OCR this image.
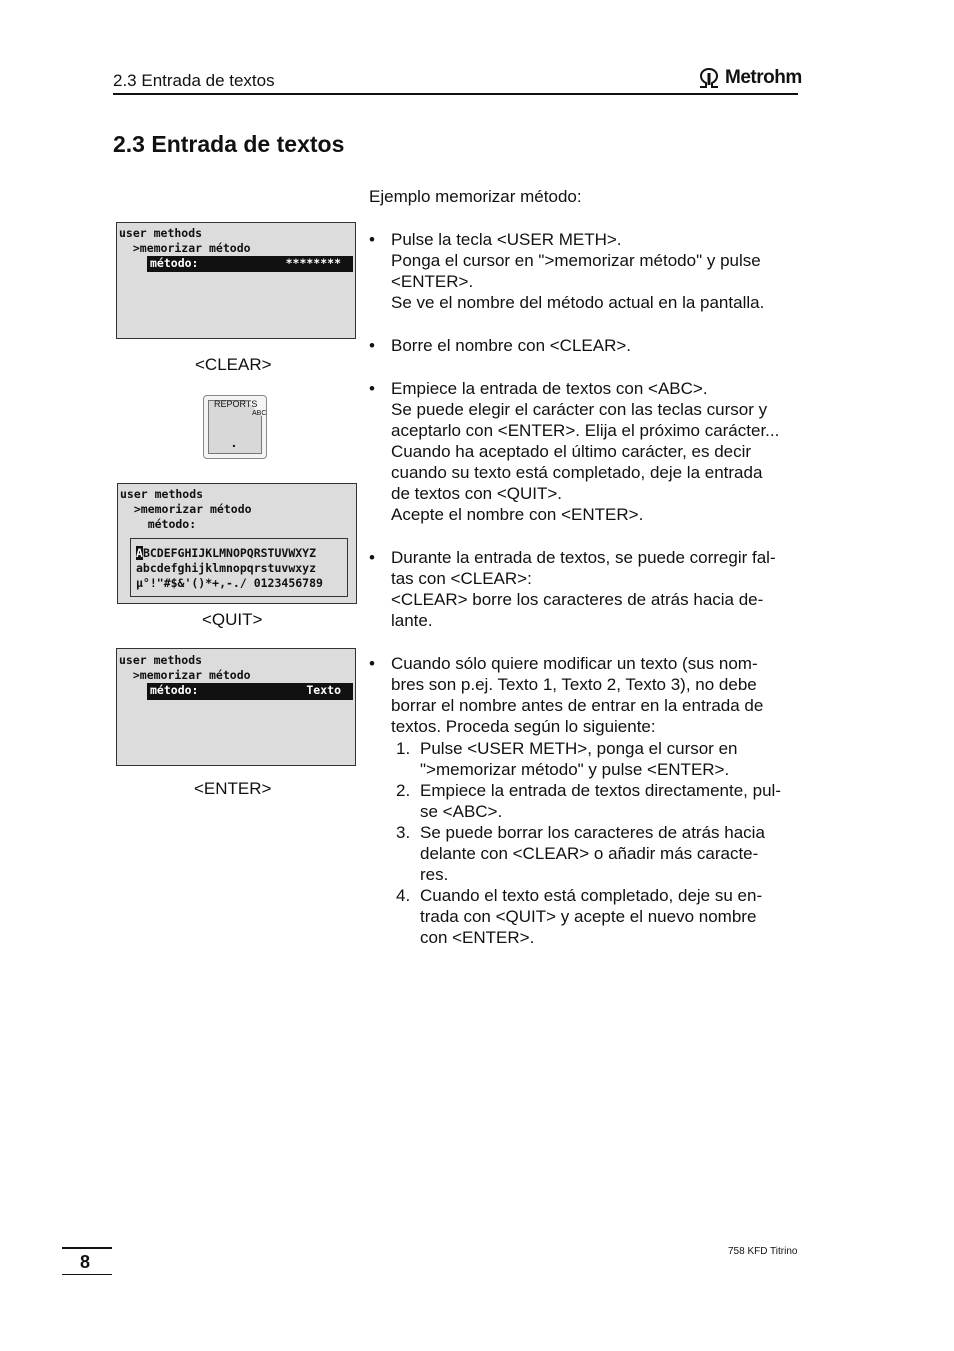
2.3 Entrada de textos	Metrohm
2.3 Entrada de textos
user methods
>memorizar método
método:	********
<CLEAR>
REPORTS
ABC
.
user methods
>memorizar método
método:
ABCDEFGHIJKLMNOPQRSTUVWXYZ
abcdefghijklmnopqrstuvwxyz
µ°!"#$&'()*+,-./ 0123456789
<QUIT>
user methods
>memorizar método
método:	Texto
<ENTER>
Ejemplo memorizar método:
• Pulse la tecla <USER METH>.
Ponga el cursor en ">memorizar método" y pulse
<ENTER>.
Se ve el nombre del método actual en la pantalla.
• Borre el nombre con <CLEAR>.
• Empiece la entrada de textos con <ABC>.
Se puede elegir el carácter con las teclas cursor y
aceptarlo con <ENTER>. Elija el próximo carácter...
Cuando ha aceptado el último carácter, es decir
cuando su texto está completado, deje la entrada
de textos con <QUIT>.
Acepte el nombre con <ENTER>.
• Durante la entrada de textos, se puede corregir fal-
tas con <CLEAR>:
<CLEAR> borre los caracteres de atrás hacia de-
lante.
• Cuando sólo quiere modificar un texto (sus nom-
bres son p.ej. Texto 1, Texto 2, Texto 3), no debe
borrar el nombre antes de entrar en la entrada de
textos. Proceda según lo siguiente:
1. Pulse <USER METH>, ponga el cursor en
">memorizar método" y pulse <ENTER>.
2. Empiece la entrada de textos directamente, pul-
se <ABC>.
3. Se puede borrar los caracteres de atrás hacia
delante con <CLEAR> o añadir más caracte-
res.
4. Cuando el texto está completado, deje su en-
trada con <QUIT> y acepte el nuevo nombre
con <ENTER>.
8
758 KFD Titrino
